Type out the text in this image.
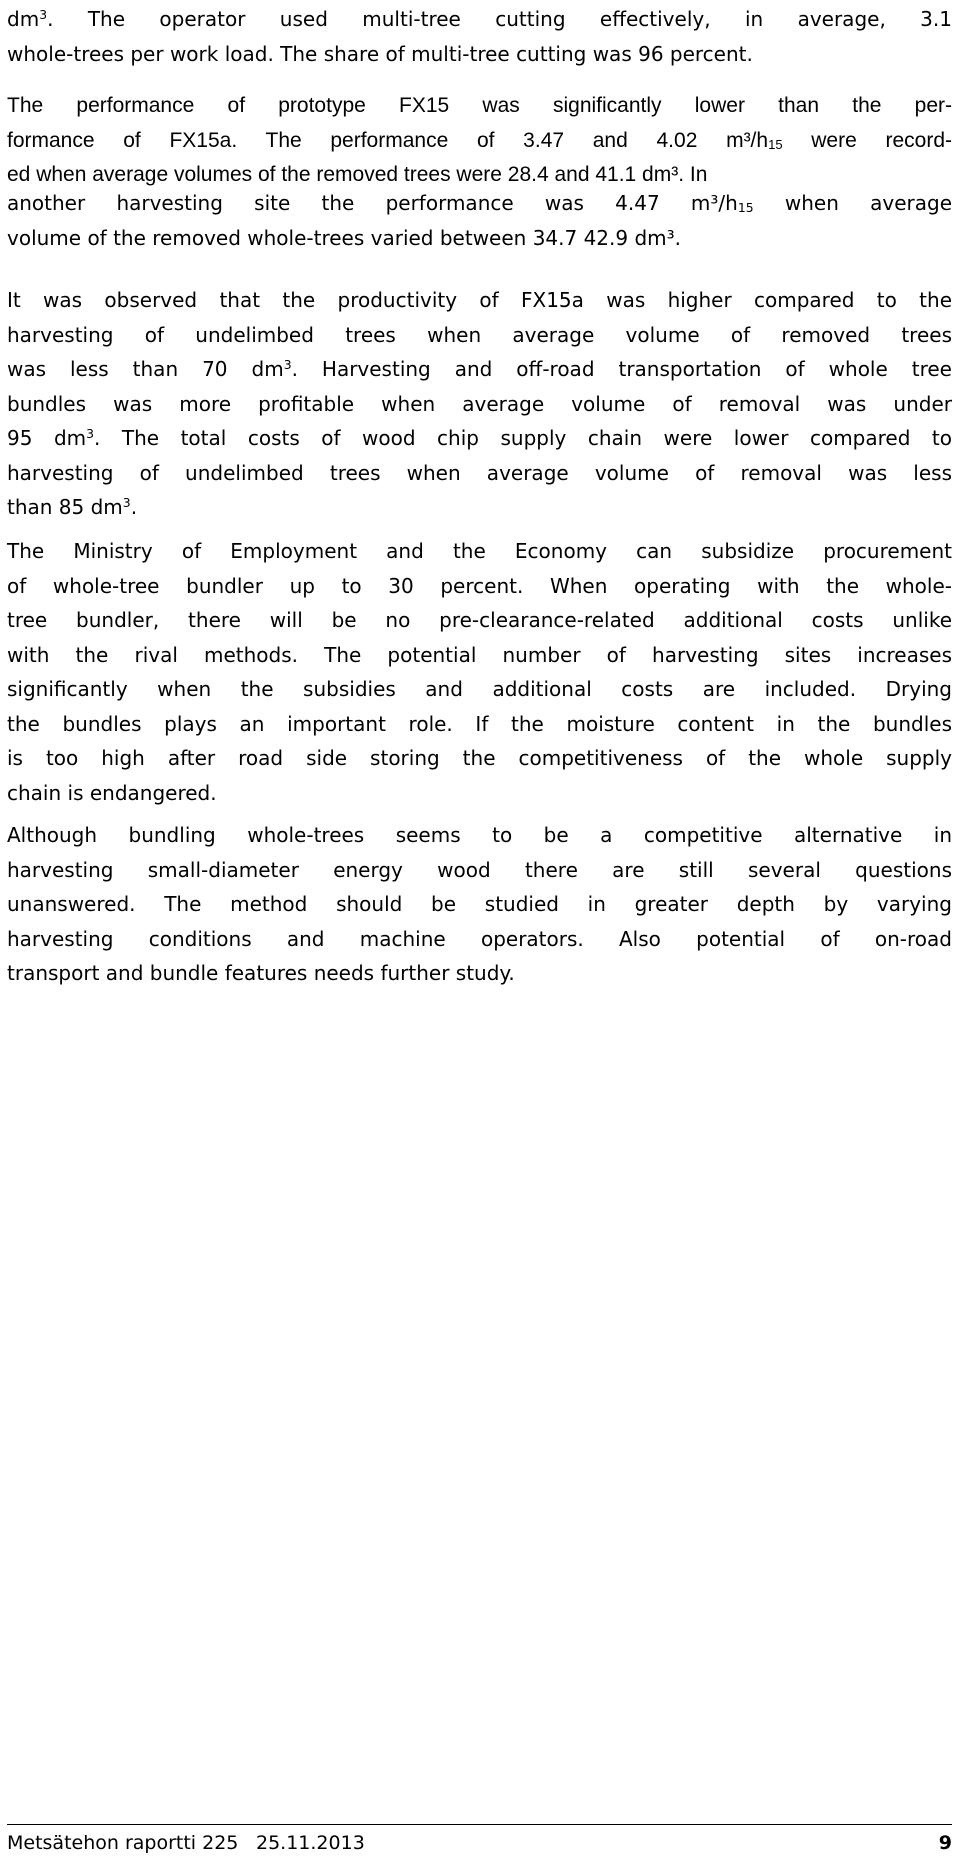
$dm^3$. The operator used multi-tree cutting effectively, in average, 3.1
whole-trees per work load. The share of multi-tree cutting was 96 percent.
The performance of prototype FX15 was significantly lower than the per-
formance of FX15a. The performance of 3.47 and 4.02 $m^3/h_{15}$ were record-
ed when average volumes of the removed trees were 28.4 and 41.1 dm³. In
another harvesting site the performance was 4.47 $m^3/h_{15}$ when average
volume of the removed whole-trees varied between 34.7 42.9 dm³.
It was observed that the productivity of FX15a was higher compared to the
harvesting of undelimbed trees when average volume of removed trees
was less than 70 $dm^3$. Harvesting and off-road transportation of whole tree
bundles was more profitable when average volume of removal was under
95 $dm^3$. The total costs of wood chip supply chain were lower compared to
harvesting of undelimbed trees when average volume of removal was less
than 85 $dm^3$.
The Ministry of Employment and the Economy can subsidize procurement
of whole-tree bundler up to 30 percent. When operating with the whole-
tree bundler, there will be no pre-clearance-related additional costs unlike
with the rival methods. The potential number of harvesting sites increases
significantly when the subsidies and additional costs are included. Drying
the bundles plays an important role. If the moisture content in the bundles
is too high after road side storing the competitiveness of the whole supply
chain is endangered.
Although bundling whole-trees seems to be a competitive alternative in
harvesting small-diameter energy wood there are still several questions
unanswered. The method should be studied in greater depth by varying
harvesting conditions and machine operators. Also potential of on-road
transport and bundle features needs further study.
Metsätehon raportti 225 25.11.2013	9
